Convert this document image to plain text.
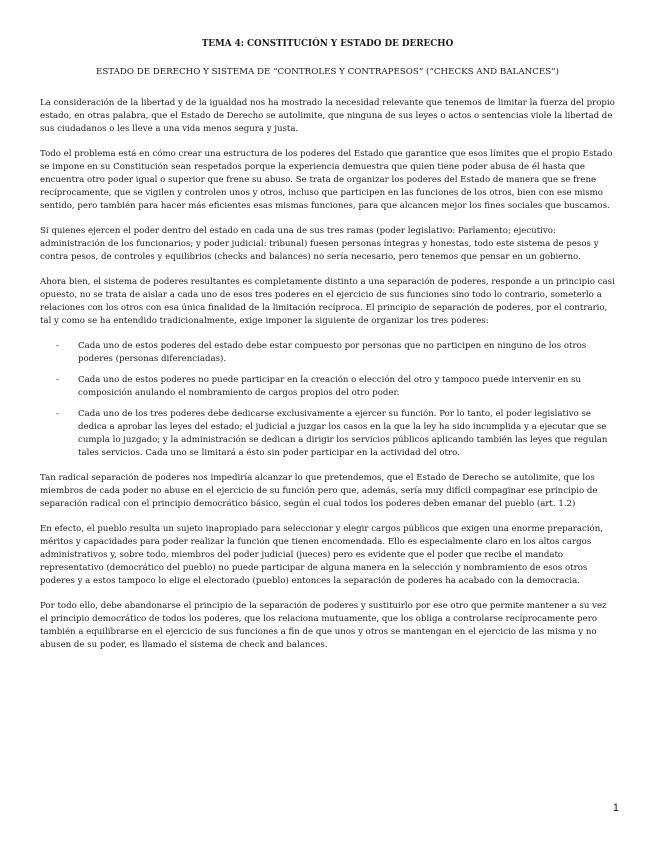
TEMA 4: CONSTITUCIÓN Y ESTADO DE DERECHO
ESTADO DE DERECHO Y SISTEMA DE “CONTROLES Y CONTRAPESOS” (“CHECKS AND BALANCES”)

La consideración de la libertad y de la igualdad nos ha mostrado la necesidad relevante que tenemos de limitar la fuerza del propio estado, en otras palabra, que el Estado de Derecho se autolimite, que ninguna de sus leyes o actos o sentencias viole la libertad de sus ciudadanos o les lleve a una vida menos segura y justa.

Todo el problema está en cómo crear una estructura de los poderes del Estado que garantice que esos límites que el propio Estado se impone en su Constitución sean respetados porque la experiencia demuestra que quien tiene poder abusa de él hasta que encuentra otro poder igual o superior que frene su abuso. Se trata de organizar los poderes del Estado de manera que se frene recíprocamente, que se vigilen y controlen unos y otros, incluso que participen en las funciones de los otros, bien con ese mismo sentido, pero también para hacer más eficientes esas mismas funciones, para que alcancen mejor los fines sociales que buscamos.

Si quienes ejercen el poder dentro del estado en cada una de sus tres ramas (poder legislativo: Parlamento; ejecutivo: administración de los funcionarios; y poder judicial: tribunal) fuesen personas íntegras y honestas, todo este sistema de pesos y contra pesos, de controles y equilibrios (checks and balances) no sería necesario, pero tenemos que pensar en un gobierno.

Ahora bien, el sistema de poderes resultantes es completamente distinto a una separación de poderes, responde a un principio casi opuesto, no se trata de aislar a cada uno de esos tres poderes en el ejercicio de sus funciones sino todo lo contrario, someterlo a relaciones con los otros con esa única finalidad de la limitación recíproca. El principio de separación de poderes, por el contrario, tal y como se ha entendido tradicionalmente, exige imponer la siguiente de organizar los tres poderes:

- Cada uno de estos poderes del estado debe estar compuesto por personas que no participen en ninguno de los otros poderes (personas diferenciadas).
- Cada uno de estos poderes no puede participar en la creación o elección del otro y tampoco puede intervenir en su composición anulando el nombramiento de cargos propios del otro poder.
- Cada uno de los tres poderes debe dedicarse exclusivamente a ejercer su función. Por lo tanto, el poder legislativo se dedica a aprobar las leyes del estado; el judicial a juzgar los casos en la que la ley ha sido incumplida y a ejecutar que se cumpla lo juzgado; y la administración se dedican a dirigir los servicios públicos aplicando también las leyes que regulan tales servicios. Cada uno se limitará a ésto sin poder participar en la actividad del otro.

Tan radical separación de poderes nos impediría alcanzar lo que pretendemos, que el Estado de Derecho se autolimite, que los miembros de cada poder no abuse en el ejercicio de su función pero que, además, sería muy difícil compaginar ese principio de separación radical con el principio democrático básico, según el cual todos los poderes deben emanar del pueblo (art. 1.2)

En efecto, el pueblo resulta un sujeto inapropiado para seleccionar y elegir cargos públicos que exigen una enorme preparación, méritos y capacidades para poder realizar la función que tienen encomendada. Ello es especialmente claro en los altos cargos administrativos y, sobre todo, miembros del poder judicial (jueces) pero es evidente que el poder que recibe el mandato representativo (democrático del pueblo) no puede participar de alguna manera en la selección y nombramiento de esos otros poderes y a estos tampoco lo elige el electorado (pueblo) entonces la separación de poderes ha acabado con la democracia.

Por todo ello, debe abandonarse el principio de la separación de poderes y sustituirlo por ese otro que permite mantener a su vez el principio democrático de todos los poderes, que los relaciona mutuamente, que los obliga a controlarse recíprocamente pero también a equilibrarse en el ejercicio de sus funciones a fin de que unos y otros se mantengan en el ejercicio de las misma y no abusen de su poder, es llamado el sistema de check and balances.

1
